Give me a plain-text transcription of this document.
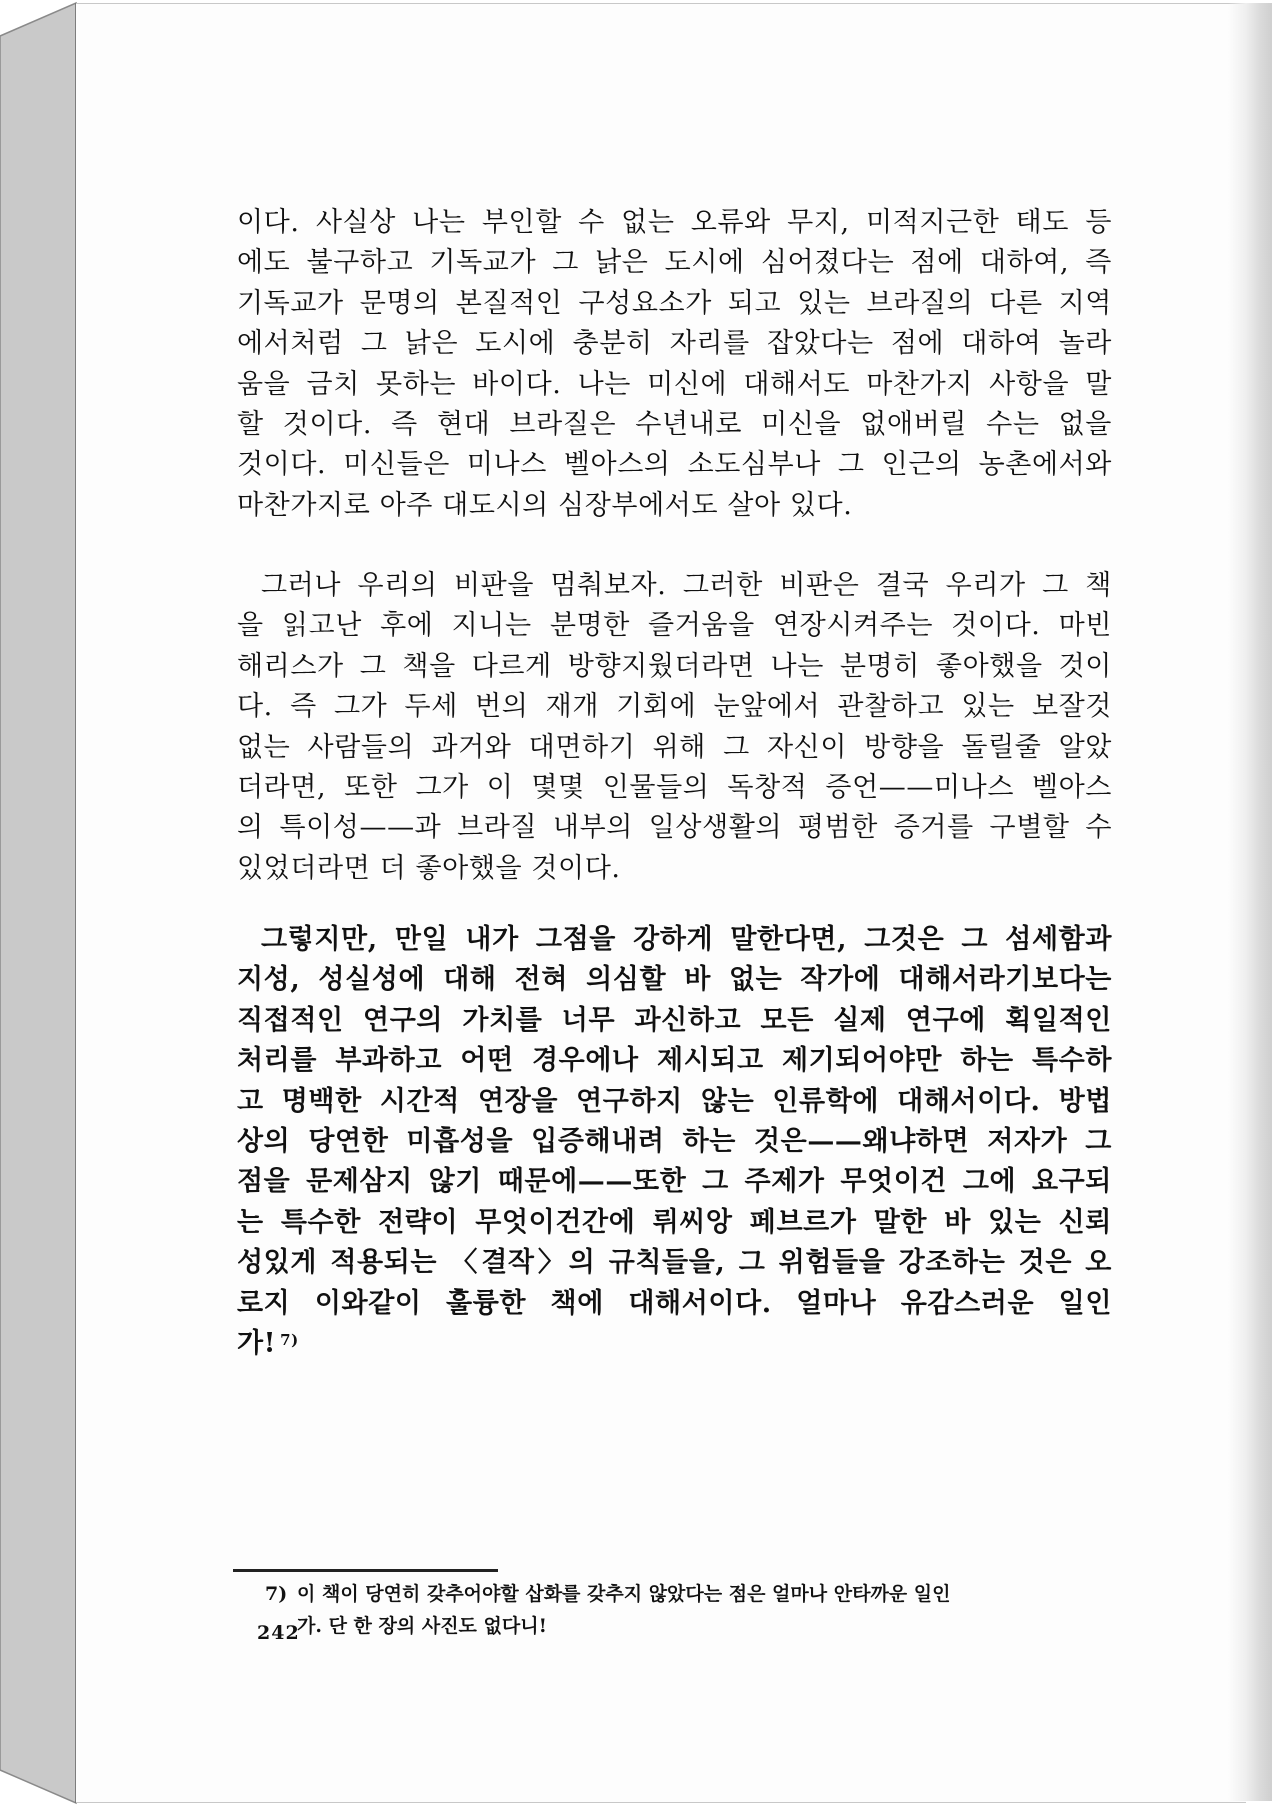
이다. 사실상 나는 부인할 수 없는 오류와 무지, 미적지근한 태도 등
에도 불구하고 기독교가 그 낡은 도시에 심어졌다는 점에 대하여, 즉
기독교가 문명의 본질적인 구성요소가 되고 있는 브라질의 다른 지역
에서처럼 그 낡은 도시에 충분히 자리를 잡았다는 점에 대하여 놀라
움을 금치 못하는 바이다. 나는 미신에 대해서도 마찬가지 사항을 말
할 것이다. 즉 현대 브라질은 수년내로 미신을 없애버릴 수는 없을
것이다. 미신들은 미나스 벨아스의 소도심부나 그 인근의 농촌에서와
마찬가지로 아주 대도시의 심장부에서도 살아 있다.
그러나 우리의 비판을 멈춰보자. 그러한 비판은 결국 우리가 그 책
을 읽고난 후에 지니는 분명한 즐거움을 연장시켜주는 것이다. 마빈
해리스가 그 책을 다르게 방향지웠더라면 나는 분명히 좋아했을 것이
다. 즉 그가 두세 번의 재개 기회에 눈앞에서 관찰하고 있는 보잘것
없는 사람들의 과거와 대면하기 위해 그 자신이 방향을 돌릴줄 알았
더라면, 또한 그가 이 몇몇 인물들의 독창적 증언——미나스 벨아스
의 특이성——과 브라질 내부의 일상생활의 평범한 증거를 구별할 수
있었더라면 더 좋아했을 것이다.
그렇지만, 만일 내가 그점을 강하게 말한다면, 그것은 그 섬세함과
지성, 성실성에 대해 전혀 의심할 바 없는 작가에 대해서라기보다는
직접적인 연구의 가치를 너무 과신하고 모든 실제 연구에 획일적인
처리를 부과하고 어떤 경우에나 제시되고 제기되어야만 하는 특수하
고 명백한 시간적 연장을 연구하지 않는 인류학에 대해서이다. 방법
상의 당연한 미흡성을 입증해내려 하는 것은——왜냐하면 저자가 그
점을 문제삼지 않기 때문에——또한 그 주제가 무엇이건 그에 요구되
는 특수한 전략이 무엇이건간에 뤼씨앙 페브르가 말한 바 있는 신뢰
성있게 적용되는 〈결작〉의 규칙들을, 그 위험들을 강조하는 것은 오
로지 이와같이 훌륭한 책에 대해서이다. 얼마나 유감스러운 일인
가! $^{7)}$
7) 이 책이 당연히 갖추어야할 삽화를 갖추지 않았다는 점은 얼마나 안타까운 일인
가. 단 한 장의 사진도 없다니!
242
